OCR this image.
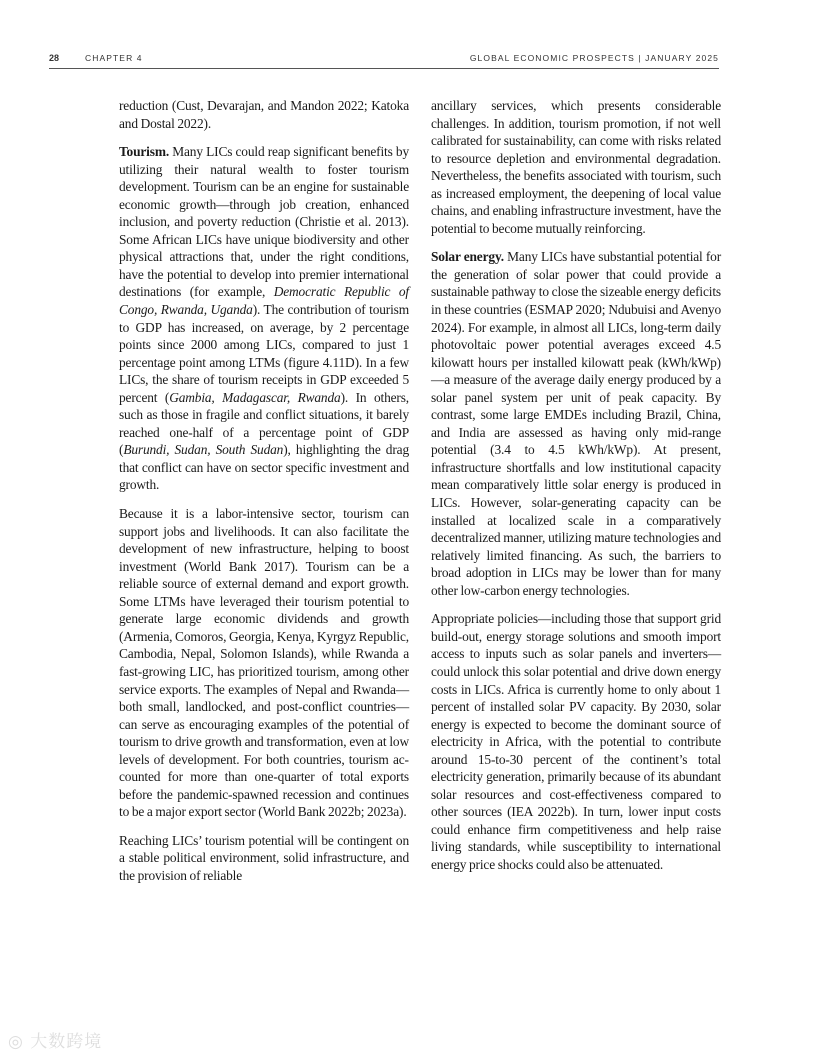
28	CHAPTER 4	GLOBAL ECONOMIC PROSPECTS | JANUARY 2025

reduction (Cust, Devarajan, and Mandon 2022; Katoka and Dostal 2022).

Tourism. Many LICs could reap significant benefits by utilizing their natural wealth to foster tourism development. Tourism can be an engine for sustainable economic growth—through job creation, enhanced inclusion, and poverty reduction (Christie et al. 2013). Some African LICs have unique biodiversity and other physical attractions that, under the right conditions, have the potential to develop into premier international destinations (for example, Democratic Republic of Congo, Rwanda, Uganda). The contribution of tourism to GDP has increased, on average, by 2 percentage points since 2000 among LICs, compared to just 1 percentage point among LTMs (figure 4.11D). In a few LICs, the share of tourism receipts in GDP exceeded 5 percent (Gambia, Madagascar, Rwanda). In others, such as those in fragile and conflict situations, it barely reached one-half of a percentage point of GDP (Burundi, Sudan, South Sudan), highlighting the drag that conflict can have on sector specific investment and growth.

Because it is a labor-intensive sector, tourism can support jobs and livelihoods. It can also facilitate the development of new infrastructure, helping to boost investment (World Bank 2017). Tourism can be a reliable source of external demand and export growth. Some LTMs have leveraged their tourism potential to generate large economic dividends and growth (Armenia, Comoros, Georgia, Kenya, Kyrgyz Republic, Cambodia, Nepal, Solomon Islands), while Rwanda a fast-growing LIC, has prioritized tourism, among other service exports. The examples of Nepal and Rwanda—both small, landlocked, and post-conflict countries—can serve as encouraging examples of the potential of tourism to drive growth and transformation, even at low levels of development. For both countries, tourism accounted for more than one-quarter of total exports before the pandemic-spawned recession and continues to be a major export sector (World Bank 2022b; 2023a).

Reaching LICs’ tourism potential will be contingent on a stable political environment, solid infrastructure, and the provision of reliable

ancillary services, which presents considerable challenges. In addition, tourism promotion, if not well calibrated for sustainability, can come with risks related to resource depletion and environmental degradation. Nevertheless, the benefits associated with tourism, such as increased employment, the deepening of local value chains, and enabling infrastructure investment, have the potential to become mutually reinforcing.

Solar energy. Many LICs have substantial potential for the generation of solar power that could provide a sustainable pathway to close the sizeable energy deficits in these countries (ESMAP 2020; Ndubuisi and Avenyo 2024). For example, in almost all LICs, long-term daily photovoltaic power potential averages exceed 4.5 kilowatt hours per installed kilowatt peak (kWh/kWp)—a measure of the average daily energy produced by a solar panel system per unit of peak capacity. By contrast, some large EMDEs including Brazil, China, and India are assessed as having only mid-range potential (3.4 to 4.5 kWh/kWp). At present, infrastructure shortfalls and low institutional capacity mean comparatively little solar energy is produced in LICs. However, solar-generating capacity can be installed at localized scale in a comparatively decentralized manner, utilizing mature technologies and relatively limited financing. As such, the barriers to broad adoption in LICs may be lower than for many other low-carbon energy technologies.

Appropriate policies—including those that support grid build-out, energy storage solutions and smooth import access to inputs such as solar panels and inverters—could unlock this solar potential and drive down energy costs in LICs. Africa is currently home to only about 1 percent of installed solar PV capacity. By 2030, solar energy is expected to become the dominant source of electricity in Africa, with the potential to contribute around 15-to-30 percent of the continent’s total electricity generation, primarily because of its abundant solar resources and cost-effectiveness compared to other sources (IEA 2022b). In turn, lower input costs could enhance firm competitiveness and help raise living standards, while susceptibility to international energy price shocks could also be attenuated.

◎ 大数跨境
